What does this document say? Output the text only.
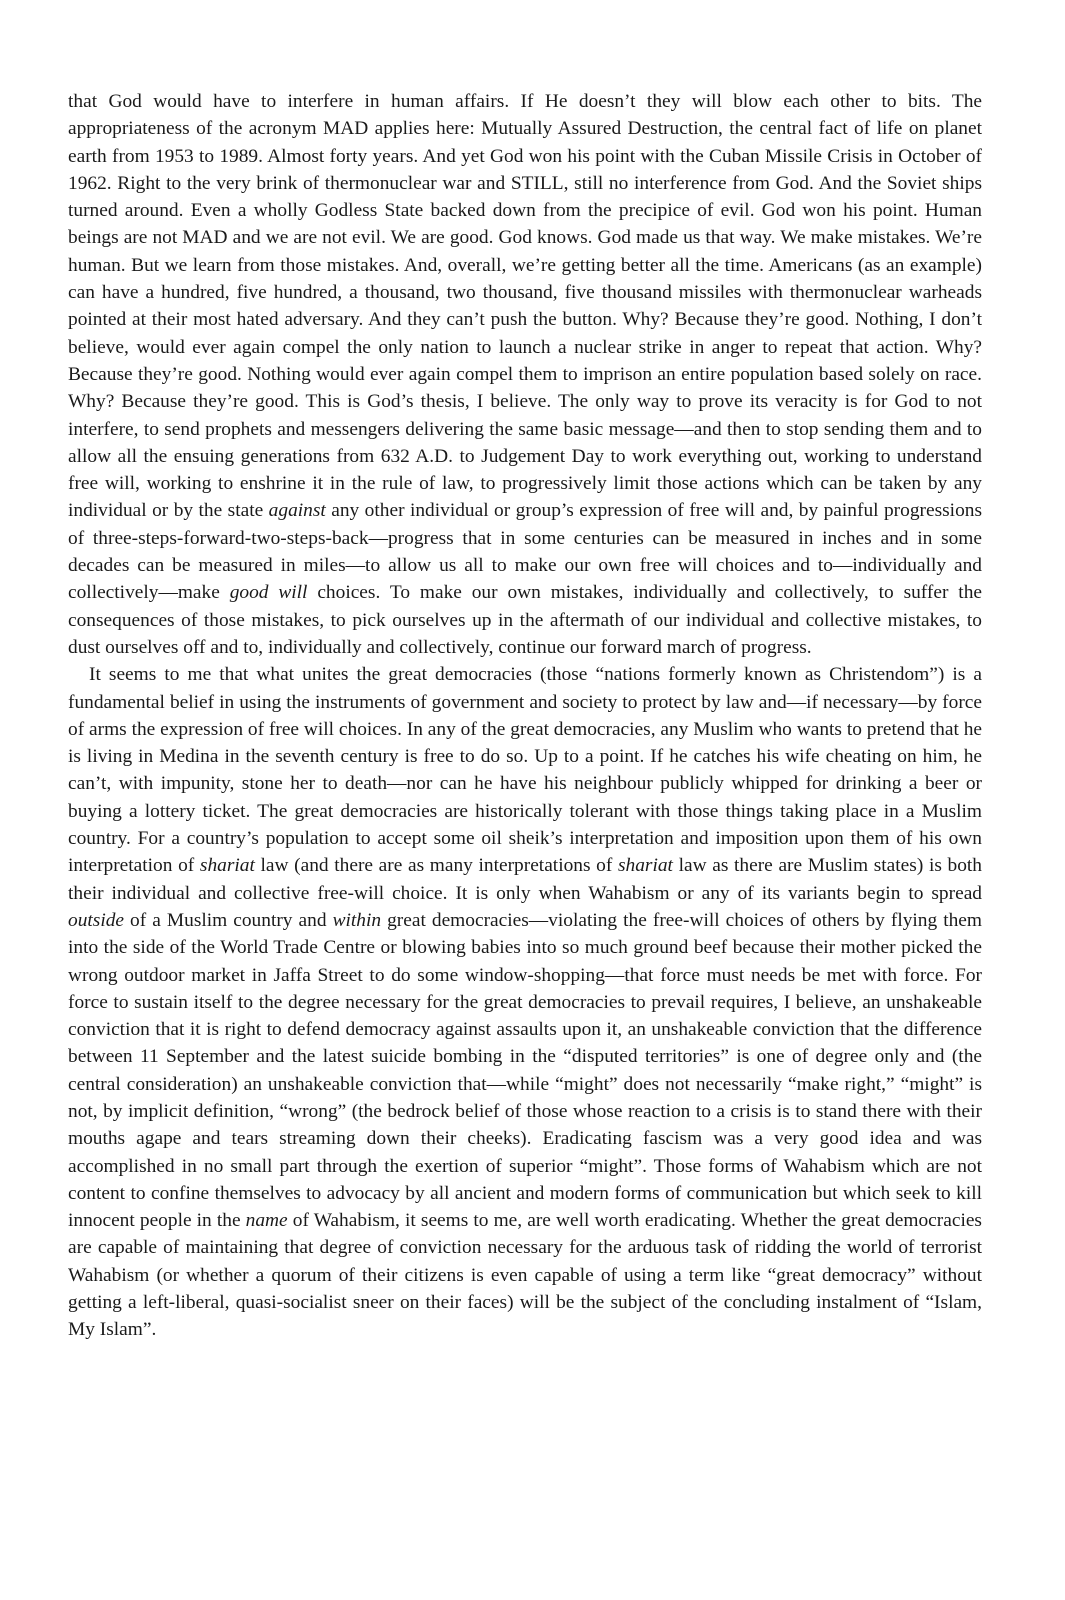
that God would have to interfere in human affairs. If He doesn’t they will blow each other to bits. The appropriateness of the acronym MAD applies here: Mutually Assured Destruction, the central fact of life on planet earth from 1953 to 1989. Almost forty years. And yet God won his point with the Cuban Missile Crisis in October of 1962. Right to the very brink of thermonuclear war and STILL, still no interference from God. And the Soviet ships turned around. Even a wholly Godless State backed down from the precipice of evil. God won his point. Human beings are not MAD and we are not evil. We are good. God knows. God made us that way. We make mistakes. We’re human. But we learn from those mistakes. And, overall, we’re getting better all the time. Americans (as an example) can have a hundred, five hundred, a thousand, two thousand, five thousand missiles with thermonuclear warheads pointed at their most hated adversary. And they can’t push the button. Why? Because they’re good. Nothing, I don’t believe, would ever again compel the only nation to launch a nuclear strike in anger to repeat that action. Why? Because they’re good. Nothing would ever again compel them to imprison an entire population based solely on race. Why? Because they’re good. This is God’s thesis, I believe. The only way to prove its veracity is for God to not interfere, to send prophets and messengers delivering the same basic message—and then to stop sending them and to allow all the ensuing generations from 632 A.D. to Judgement Day to work everything out, working to understand free will, working to enshrine it in the rule of law, to progressively limit those actions which can be taken by any individual or by the state against any other individual or group’s expression of free will and, by painful progressions of three-steps-forward-two-steps-back—progress that in some centuries can be measured in inches and in some decades can be measured in miles—to allow us all to make our own free will choices and to—individually and collectively—make good will choices. To make our own mistakes, individually and collectively, to suffer the consequences of those mistakes, to pick ourselves up in the aftermath of our individual and collective mistakes, to dust ourselves off and to, individually and collectively, continue our forward march of progress.

It seems to me that what unites the great democracies (those “nations formerly known as Christendom”) is a fundamental belief in using the instruments of government and society to protect by law and—if necessary—by force of arms the expression of free will choices. In any of the great democracies, any Muslim who wants to pretend that he is living in Medina in the seventh century is free to do so. Up to a point. If he catches his wife cheating on him, he can’t, with impunity, stone her to death—nor can he have his neighbour publicly whipped for drinking a beer or buying a lottery ticket. The great democracies are historically tolerant with those things taking place in a Muslim country. For a country’s population to accept some oil sheik’s interpretation and imposition upon them of his own interpretation of shariat law (and there are as many interpretations of shariat law as there are Muslim states) is both their individual and collective free-will choice. It is only when Wahabism or any of its variants begin to spread outside of a Muslim country and within great democracies—violating the free-will choices of others by flying them into the side of the World Trade Centre or blowing babies into so much ground beef because their mother picked the wrong outdoor market in Jaffa Street to do some window-shopping—that force must needs be met with force. For force to sustain itself to the degree necessary for the great democracies to prevail requires, I believe, an unshakeable conviction that it is right to defend democracy against assaults upon it, an unshakeable conviction that the difference between 11 September and the latest suicide bombing in the “disputed territories” is one of degree only and (the central consideration) an unshakeable conviction that—while “might” does not necessarily “make right,” “might” is not, by implicit definition, “wrong” (the bedrock belief of those whose reaction to a crisis is to stand there with their mouths agape and tears streaming down their cheeks). Eradicating fascism was a very good idea and was accomplished in no small part through the exertion of superior “might”. Those forms of Wahabism which are not content to confine themselves to advocacy by all ancient and modern forms of communication but which seek to kill innocent people in the name of Wahabism, it seems to me, are well worth eradicating. Whether the great democracies are capable of maintaining that degree of conviction necessary for the arduous task of ridding the world of terrorist Wahabism (or whether a quorum of their citizens is even capable of using a term like “great democracy” without getting a left-liberal, quasi-socialist sneer on their faces) will be the subject of the concluding instalment of “Islam, My Islam”.
